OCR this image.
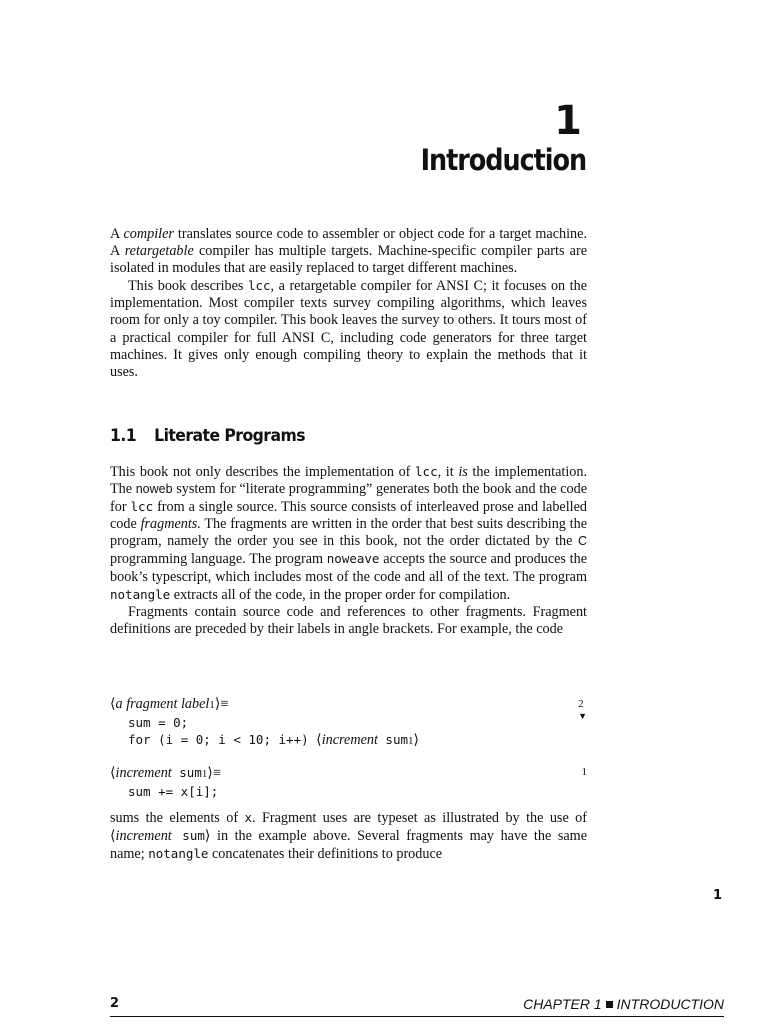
1
Introduction

A compiler translates source code to assembler or object code for a target machine. A retargetable compiler has multiple targets. Machine-specific compiler parts are isolated in modules that are easily replaced to target different machines.

This book describes lcc, a retargetable compiler for ANSI C; it focuses on the implementation. Most compiler texts survey compiling algorithms, which leaves room for only a toy compiler. This book leaves the survey to others. It tours most of a practical compiler for full ANSI C, including code generators for three target machines. It gives only enough compiling theory to explain the methods that it uses.

1.1 Literate Programs

This book not only describes the implementation of lcc, it is the implementation. The noweb system for “literate programming” generates both the book and the code for lcc from a single source. This source consists of interleaved prose and labelled code fragments. The fragments are written in the order that best suits describing the program, namely the order you see in this book, not the order dictated by the C programming language. The program noweave accepts the source and produces the book’s typescript, which includes most of the code and all of the text. The program notangle extracts all of the code, in the proper order for compilation.

Fragments contain source code and references to other fragments. Fragment definitions are preceded by their labels in angle brackets. For example, the code

⟨a fragment label1⟩≡	2
▼
sum = 0;
for (i = 0; i < 10; i++) ⟨increment sum1⟩
⟨increment sum1⟩≡	1
sum += x[i];

sums the elements of x. Fragment uses are typeset as illustrated by the use of ⟨increment sum⟩ in the example above. Several fragments may have the same name; notangle concatenates their definitions to produce

1
2	CHAPTER 1 INTRODUCTION
